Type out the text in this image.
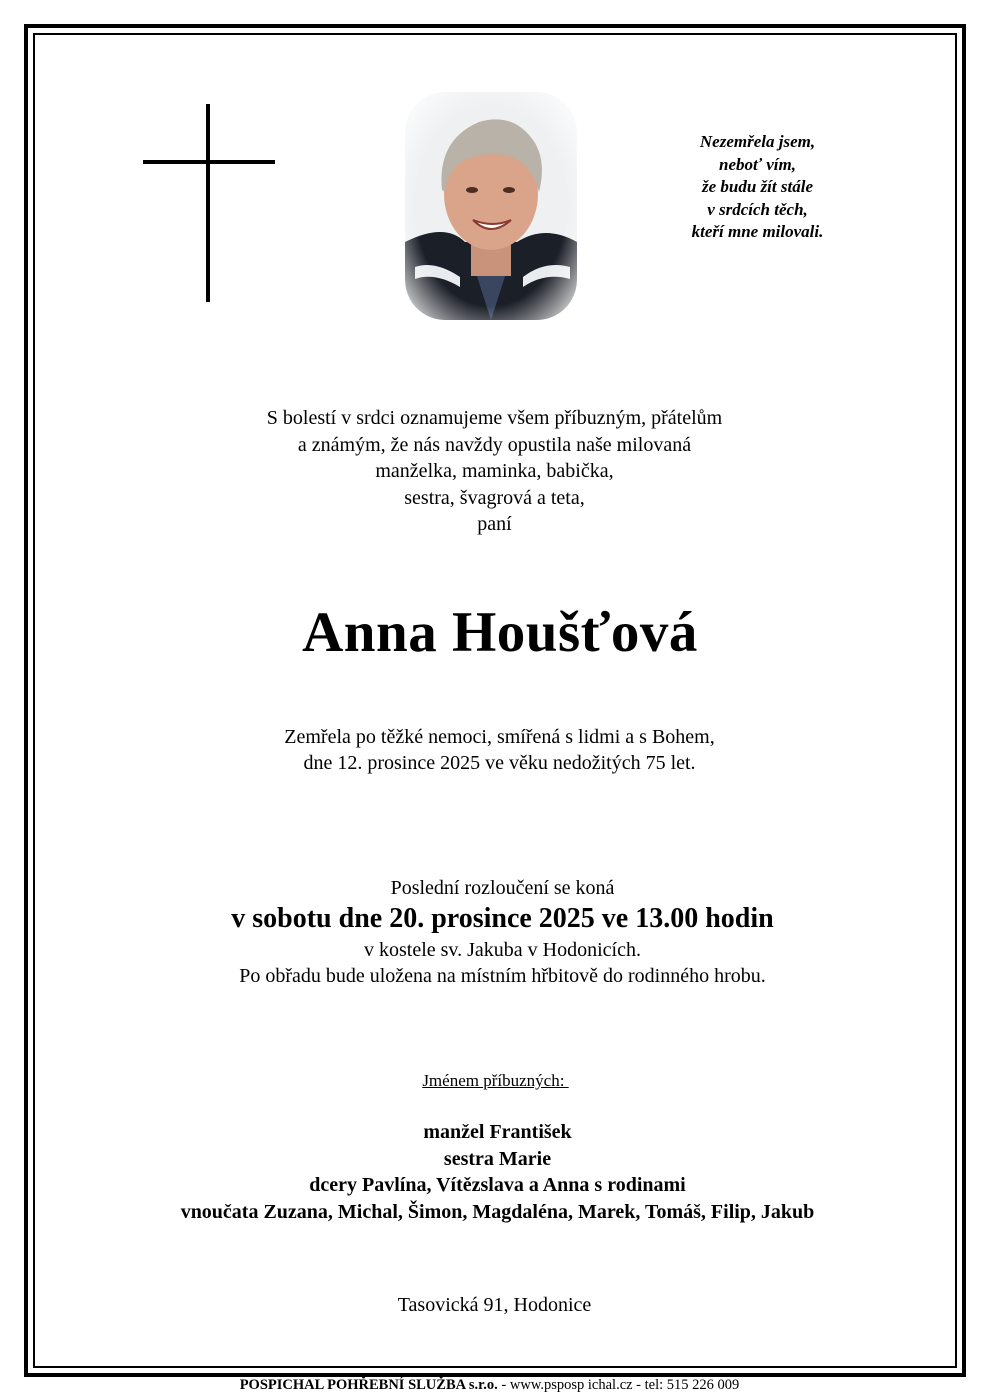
Nezemřela jsem,
neboť vím,
že budu žít stále
v srdcích těch,
kteří mne milovali.
S bolestí v srdci oznamujeme všem příbuzným, přátelům
a známým, že nás navždy opustila naše milovaná
manželka, maminka, babička,
sestra, švagrová a teta,
paní
Anna Houšťová
Zemřela po těžké nemoci, smířená s lidmi a s Bohem,
dne 12. prosince 2025 ve věku nedožitých 75 let.
Poslední rozloučení se koná
v sobotu dne 20. prosince 2025 ve 13.00 hodin
v kostele sv. Jakuba v Hodonicích.
Po obřadu bude uložena na místním hřbitově do rodinného hrobu.
Jménem příbuzných:
manžel František
sestra Marie
dcery Pavlína, Vítězslava a Anna s rodinami
vnoučata Zuzana, Michal, Šimon, Magdaléna, Marek, Tomáš, Filip, Jakub
Tasovická 91, Hodonice
POSPICHAL POHŘEBNÍ SLUŽBA s.r.o. - www.psposp ichal.cz - tel: 515 226 009
